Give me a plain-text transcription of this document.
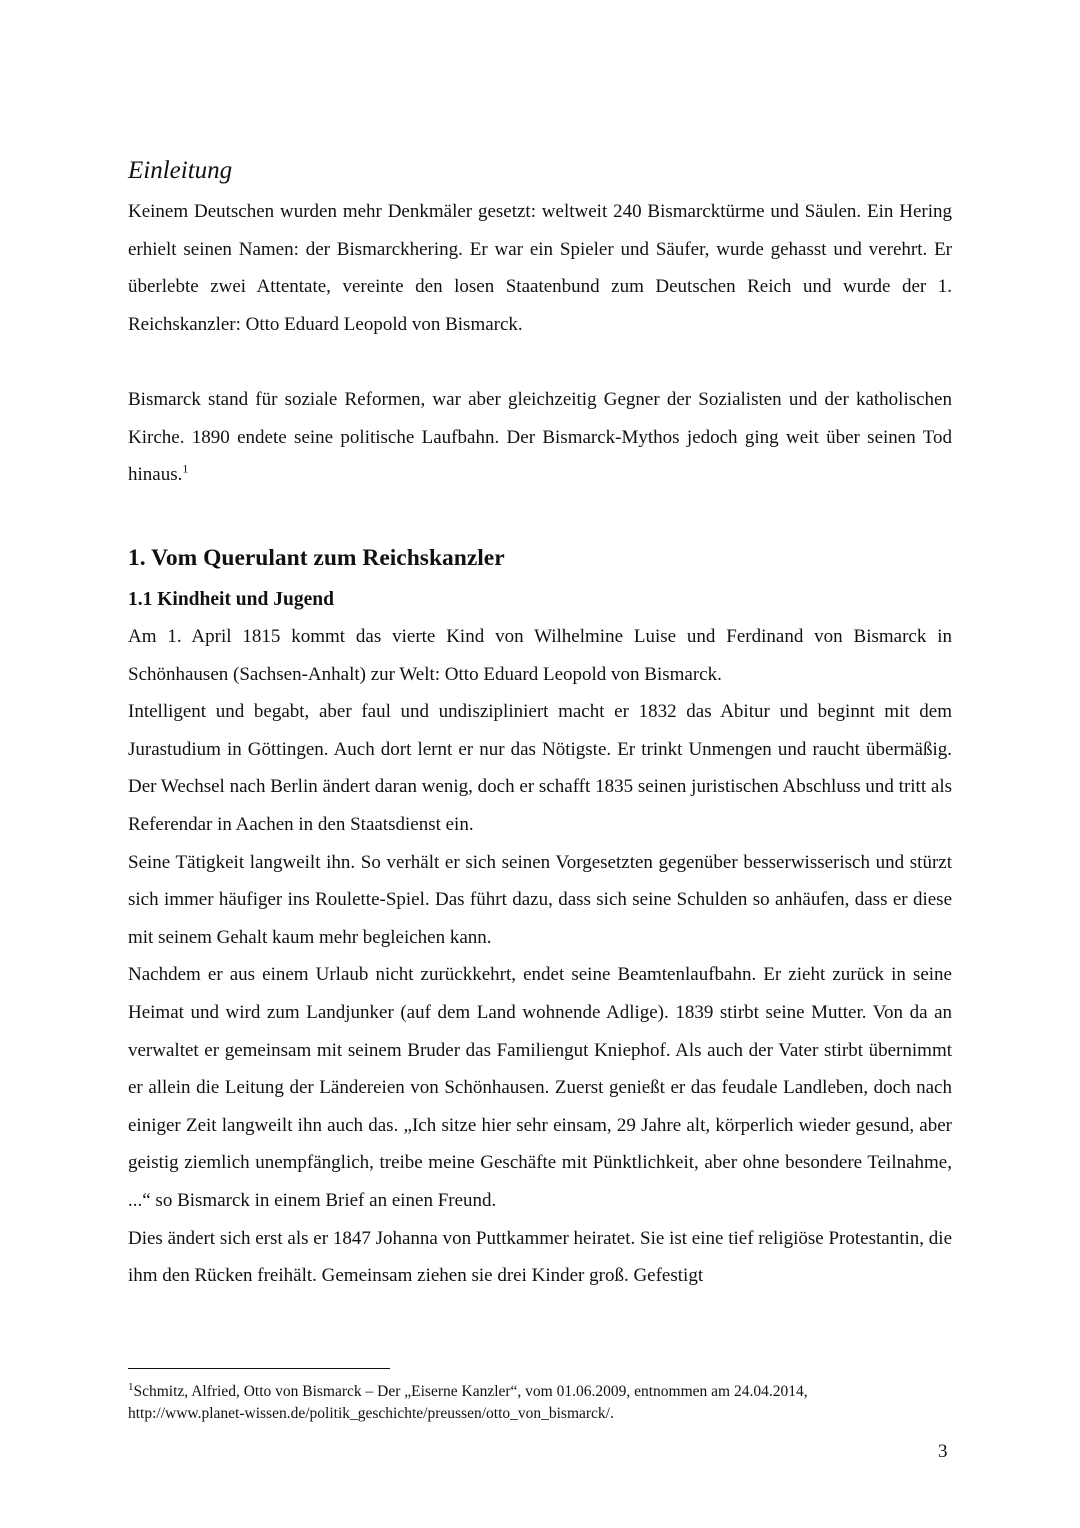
Einleitung

Keinem Deutschen wurden mehr Denkmäler gesetzt: weltweit 240 Bismarcktürme und Säulen. Ein Hering erhielt seinen Namen: der Bismarckhering. Er war ein Spieler und Säufer, wurde gehasst und verehrt. Er überlebte zwei Attentate, vereinte den losen Staatenbund zum Deutschen Reich und wurde der 1. Reichskanzler: Otto Eduard Leopold von Bismarck.

Bismarck stand für soziale Reformen, war aber gleichzeitig Gegner der Sozialisten und der katholischen Kirche. 1890 endete seine politische Laufbahn. Der Bismarck-Mythos jedoch ging weit über seinen Tod hinaus.$^1$

1. Vom Querulant zum Reichskanzler
1.1 Kindheit und Jugend
Am 1. April 1815 kommt das vierte Kind von Wilhelmine Luise und Ferdinand von Bismarck in Schönhausen (Sachsen-Anhalt) zur Welt: Otto Eduard Leopold von Bismarck.
Intelligent und begabt, aber faul und undiszipliniert macht er 1832 das Abitur und beginnt mit dem Jurastudium in Göttingen. Auch dort lernt er nur das Nötigste. Er trinkt Unmengen und raucht übermäßig. Der Wechsel nach Berlin ändert daran wenig, doch er schafft 1835 seinen juristischen Abschluss und tritt als Referendar in Aachen in den Staatsdienst ein.
Seine Tätigkeit langweilt ihn. So verhält er sich seinen Vorgesetzten gegenüber besserwisserisch und stürzt sich immer häufiger ins Roulette-Spiel. Das führt dazu, dass sich seine Schulden so anhäufen, dass er diese mit seinem Gehalt kaum mehr begleichen kann.
Nachdem er aus einem Urlaub nicht zurückkehrt, endet seine Beamtenlaufbahn. Er zieht zurück in seine Heimat und wird zum Landjunker (auf dem Land wohnende Adlige). 1839 stirbt seine Mutter. Von da an verwaltet er gemeinsam mit seinem Bruder das Familiengut Kniephof. Als auch der Vater stirbt übernimmt er allein die Leitung der Ländereien von Schönhausen. Zuerst genießt er das feudale Landleben, doch nach einiger Zeit langweilt ihn auch das. „Ich sitze hier sehr einsam, 29 Jahre alt, körperlich wieder gesund, aber geistig ziemlich unempfänglich, treibe meine Geschäfte mit Pünktlichkeit, aber ohne besondere Teilnahme, ...“ so Bismarck in einem Brief an einen Freund.
Dies ändert sich erst als er 1847 Johanna von Puttkammer heiratet. Sie ist eine tief religiöse Protestantin, die ihm den Rücken freihält. Gemeinsam ziehen sie drei Kinder groß. Gefestigt

$^1$Schmitz, Alfried, Otto von Bismarck – Der „Eiserne Kanzler“, vom 01.06.2009, entnommen am 24.04.2014,
http://www.planet-wissen.de/politik_geschichte/preussen/otto_von_bismarck/.

3
